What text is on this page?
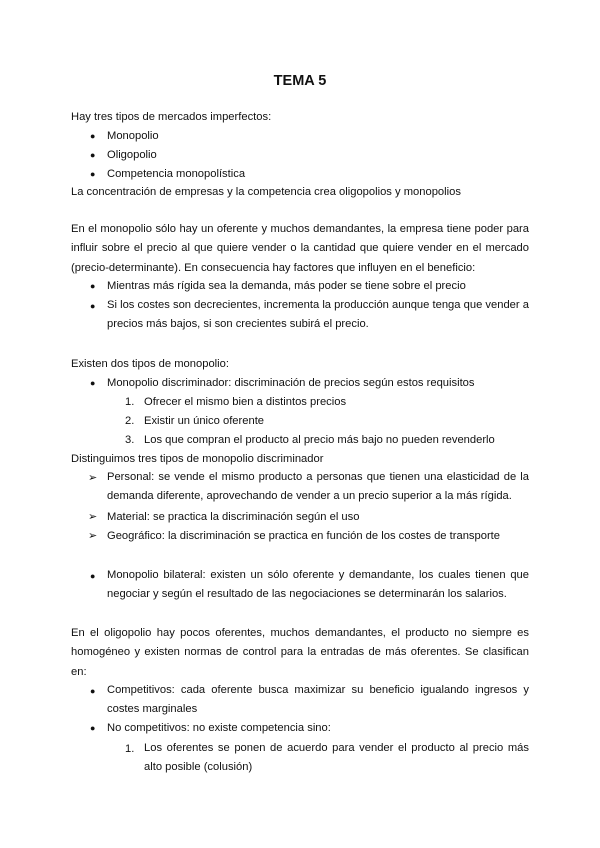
TEMA 5
Hay tres tipos de mercados imperfectos:
● Monopolio
● Oligopolio
● Competencia monopolística
La concentración de empresas y la competencia crea oligopolios y monopolios
En el monopolio sólo hay un oferente y muchos demandantes, la empresa tiene poder para influir sobre el precio al que quiere vender o la cantidad que quiere vender en el mercado (precio-determinante). En consecuencia hay factores que influyen en el beneficio:
● Mientras más rígida sea la demanda, más poder se tiene sobre el precio
● Si los costes son decrecientes, incrementa la producción aunque tenga que vender a precios más bajos, si son crecientes subirá el precio.
Existen dos tipos de monopolio:
● Monopolio discriminador: discriminación de precios según estos requisitos
1. Ofrecer el mismo bien a distintos precios
2. Existir un único oferente
3. Los que compran el producto al precio más bajo no pueden revenderlo
Distinguimos tres tipos de monopolio discriminador
➢ Personal: se vende el mismo producto a personas que tienen una elasticidad de la demanda diferente, aprovechando de vender a un precio superior a la más rígida.
➢ Material: se practica la discriminación según el uso
➢ Geográfico: la discriminación se practica en función de los costes de transporte
● Monopolio bilateral: existen un sólo oferente y demandante, los cuales tienen que negociar y según el resultado de las negociaciones se determinarán los salarios.
En el oligopolio hay pocos oferentes, muchos demandantes, el producto no siempre es homogéneo y existen normas de control para la entradas de más oferentes. Se clasifican en:
● Competitivos: cada oferente busca maximizar su beneficio igualando ingresos y costes marginales
● No competitivos: no existe competencia sino:
1. Los oferentes se ponen de acuerdo para vender el producto al precio más alto posible (colusión)
